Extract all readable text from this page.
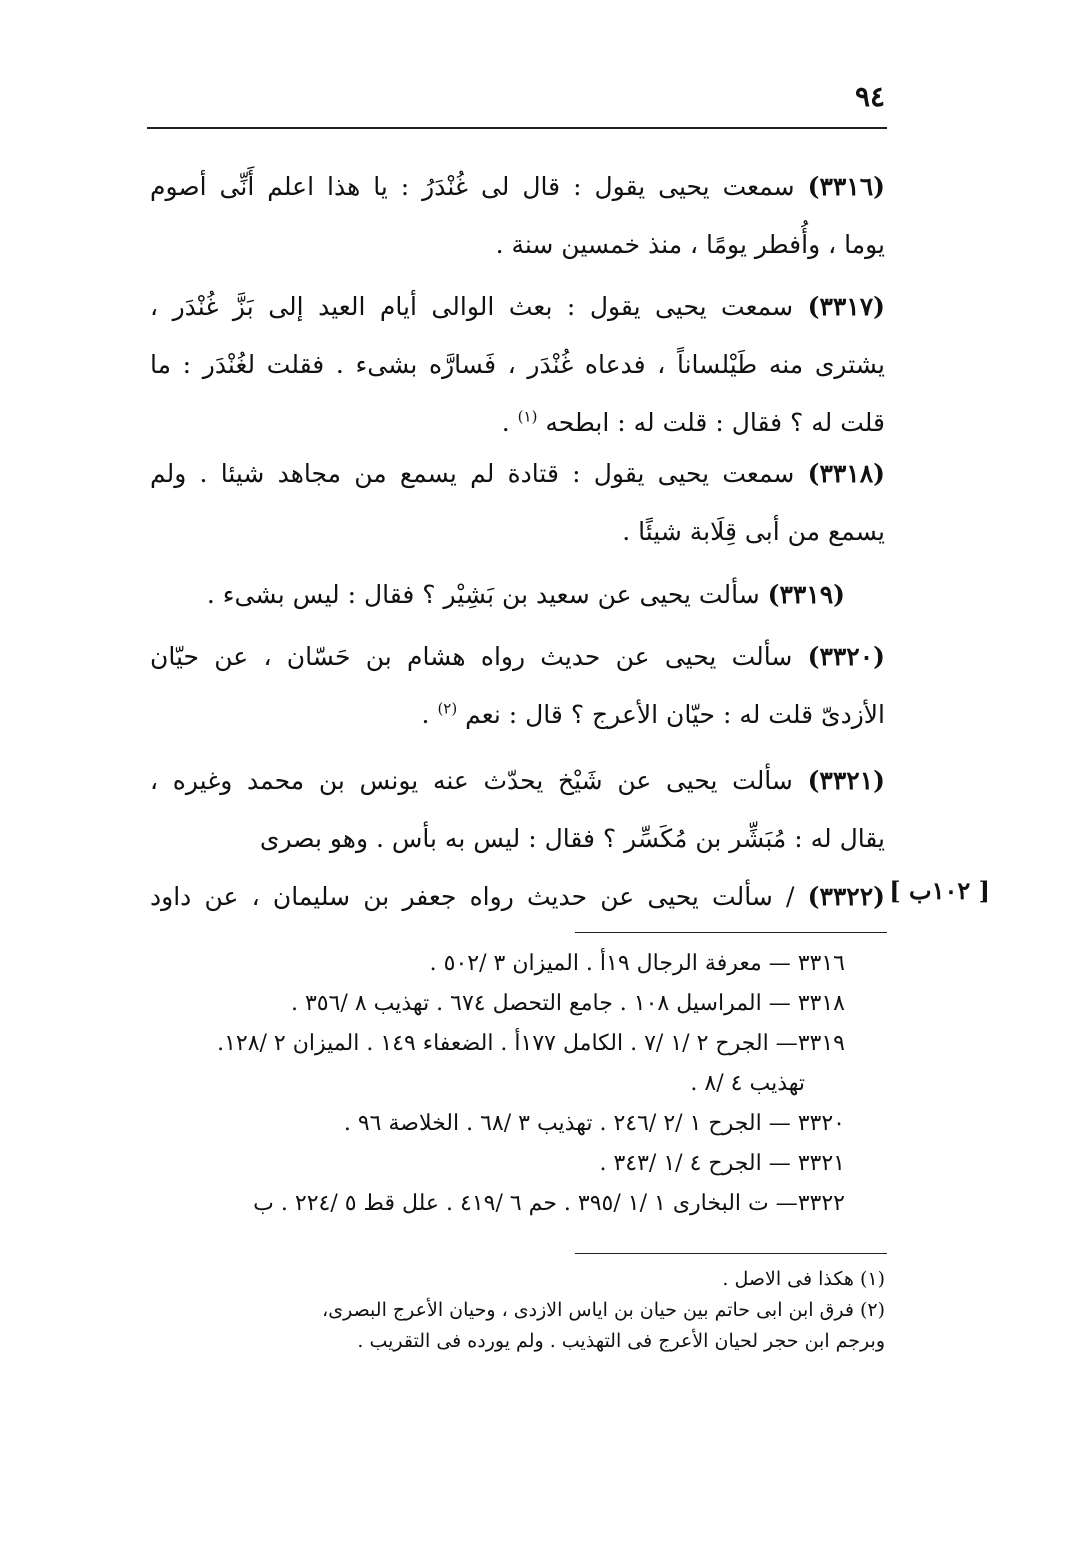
٩٤
(٣٣١٦) سمعت يحيى يقول : قال لى غُنْدَرُ : يا هذا اعلم أَنِّى أصوم
يوما ، وأُفطر يومًا ، منذ خمسين سنة .
(٣٣١٧) سمعت يحيى يقول : بعث الوالى أيام العيد إلى بَزَّ غُنْدَر ،
يشترى منه طَيْلساناً ، فدعاه غُنْدَر ، فَسارَّه بشىء . فقلت لغُنْدَر : ما قلت له ؟ فقال : قلت له : ابطحه $^{(١)}$ .
(٣٣١٨) سمعت يحيى يقول : قتادة لم يسمع من مجاهد شيئا . ولم
يسمع من أبى قِلَابة شيئًا .
(٣٣١٩) سألت يحيى عن سعيد بن بَشِيْر ؟ فقال : ليس بشىء .
(٣٣٢٠) سألت يحيى عن حديث رواه هشام بن حَسّان ، عن حيّان
الأزدىّ قلت له : حيّان الأعرج ؟ قال : نعم $^{(٢)}$ .
(٣٣٢١) سألت يحيى عن شَيْخ يحدّث عنه يونس بن محمد وغيره ،
يقال له : مُبَشِّر بن مُكَسِّر ؟ فقال : ليس به بأس . وهو بصرى
(٣٣٢٢) / سألت يحيى عن حديث رواه جعفر بن سليمان ، عن داود	[ ١٠٢ب ]
٣٣١٦ — معرفة الرجال ١٩أ . الميزان ٣ /٥٠٢ .
٣٣١٨ — المراسيل ١٠٨ . جامع التحصل ٦٧٤ . تهذيب ٨ /٣٥٦ .
٣٣١٩— الجرح ٢ /١ /٧ . الكامل ١٧٧أ . الضعفاء ١٤٩ . الميزان ٢ /١٢٨.
تهذيب ٤ /٨ .
٣٣٢٠ — الجرح ١ /٢ /٢٤٦ . تهذيب ٣ /٦٨ . الخلاصة ٩٦ .
٣٣٢١ — الجرح ٤ /١ /٣٤٣ .
٣٣٢٢— ت البخارى ١ /١ /٣٩٥ . حم ٦ /٤١٩ . علل قط ٥ /٢٢٤ . ب
(١) هكذا فى الاصل .
(٢) فرق ابن ابى حاتم بين حيان بن اياس الازدى ، وحيان الأعرج البصرى،
وبرجم ابن حجر لحيان الأعرج فى التهذيب . ولم يورده فى التقريب .
